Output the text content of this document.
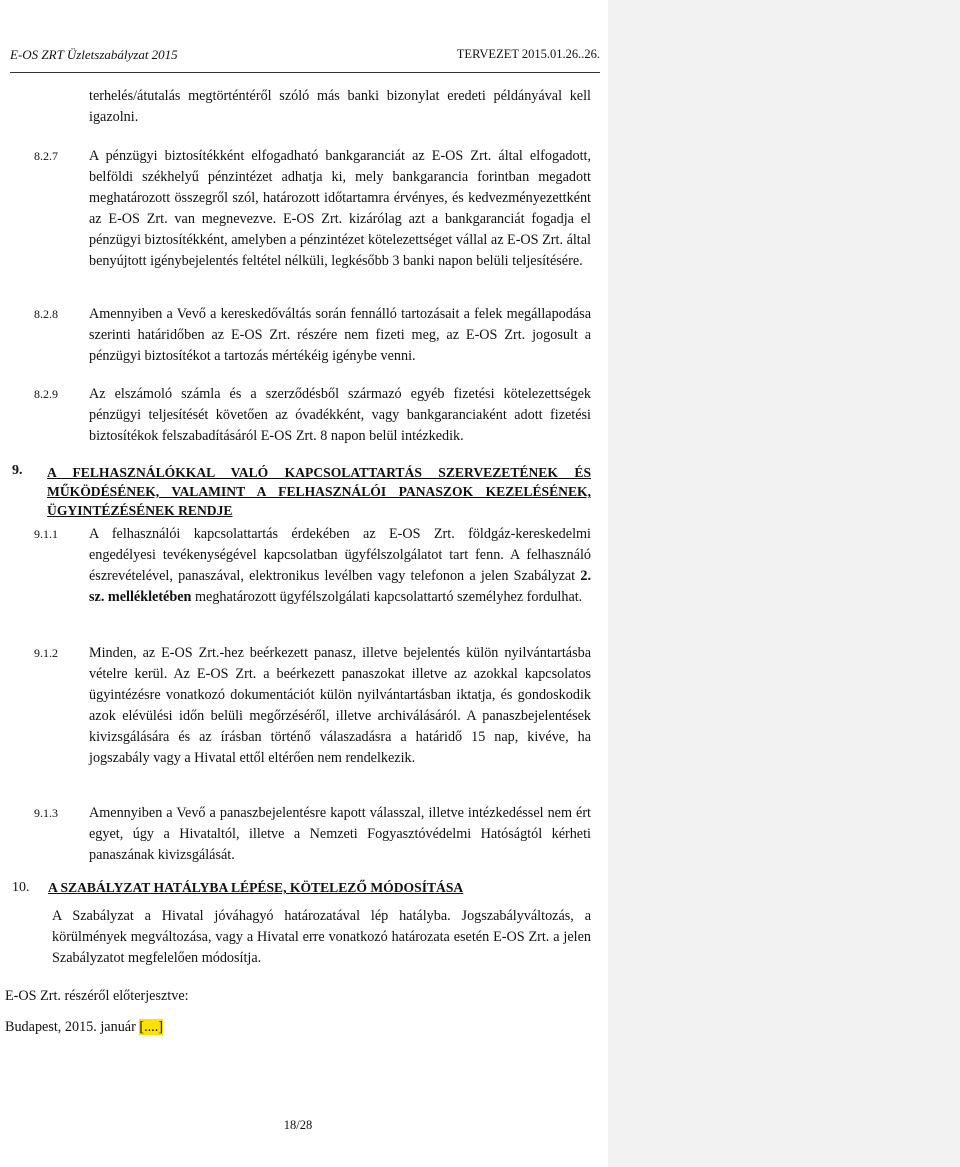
E-OS ZRT Üzletszabályzat 2015	TERVEZET 2015.01.26..26.
terhelés/átutalás megtörténtéről szóló más banki bizonylat eredeti példányával kell igazolni.
8.2.7 A pénzügyi biztosítékként elfogadható bankgaranciát az E-OS Zrt. által elfogadott, belföldi székhelyű pénzintézet adhatja ki, mely bankgarancia forintban megadott meghatározott összegről szól, határozott időtartamra érvényes, és kedvezményezettként az E-OS Zrt. van megnevezve. E-OS Zrt. kizárólag azt a bankgaranciát fogadja el pénzügyi biztosítékként, amelyben a pénzintézet kötelezettséget vállal az E-OS Zrt. által benyújtott igénybejelentés feltétel nélküli, legkésőbb 3 banki napon belüli teljesítésére.
8.2.8 Amennyiben a Vevő a kereskedőváltás során fennálló tartozásait a felek megállapodása szerinti határidőben az E-OS Zrt. részére nem fizeti meg, az E-OS Zrt. jogosult a pénzügyi biztosítékot a tartozás mértékéig igénybe venni.
8.2.9 Az elszámoló számla és a szerződésből származó egyéb fizetési kötelezettségek pénzügyi teljesítését követően az óvadékként, vagy bankgaranciaként adott fizetési biztosítékok felszabadításáról E-OS Zrt. 8 napon belül intézkedik.
9. A FELHASZNÁLÓKKAL VALÓ KAPCSOLATTARTÁS SZERVEZETÉNEK ÉS MŰKÖDÉSÉNEK, VALAMINT A FELHASZNÁLÓI PANASZOK KEZELÉSÉNEK, ÜGYINTÉZÉSÉNEK RENDJE
9.1.1 A felhasználói kapcsolattartás érdekében az E-OS Zrt. földgáz-kereskedelmi engedélyesi tevékenységével kapcsolatban ügyfélszolgálatot tart fenn. A felhasználó észrevételével, panaszával, elektronikus levélben vagy telefonon a jelen Szabályzat 2. sz. mellékletében meghatározott ügyfélszolgálati kapcsolattartó személyhez fordulhat.
9.1.2 Minden, az E-OS Zrt.-hez beérkezett panasz, illetve bejelentés külön nyilvántartásba vételre kerül. Az E-OS Zrt. a beérkezett panaszokat illetve az azokkal kapcsolatos ügyintézésre vonatkozó dokumentációt külön nyilvántartásban iktatja, és gondoskodik azok elévülési időn belüli megőrzéséről, illetve archiválásáról. A panaszbejelentések kivizsgálására és az írásban történő válaszadásra a határidő 15 nap, kivéve, ha jogszabály vagy a Hivatal ettől eltérően nem rendelkezik.
9.1.3 Amennyiben a Vevő a panaszbejelentésre kapott válasszal, illetve intézkedéssel nem ért egyet, úgy a Hivataltól, illetve a Nemzeti Fogyasztóvédelmi Hatóságtól kérheti panaszának kivizsgálását.
10. A SZABÁLYZAT HATÁLYBA LÉPÉSE, KÖTELEZŐ MÓDOSÍTÁSA
A Szabályzat a Hivatal jóváhagyó határozatával lép hatályba. Jogszabályváltozás, a körülmények megváltozása, vagy a Hivatal erre vonatkozó határozata esetén E-OS Zrt. a jelen Szabályzatot megfelelően módosítja.
E-OS Zrt. részéről előterjesztve:
Budapest, 2015. január [....]
18/28
